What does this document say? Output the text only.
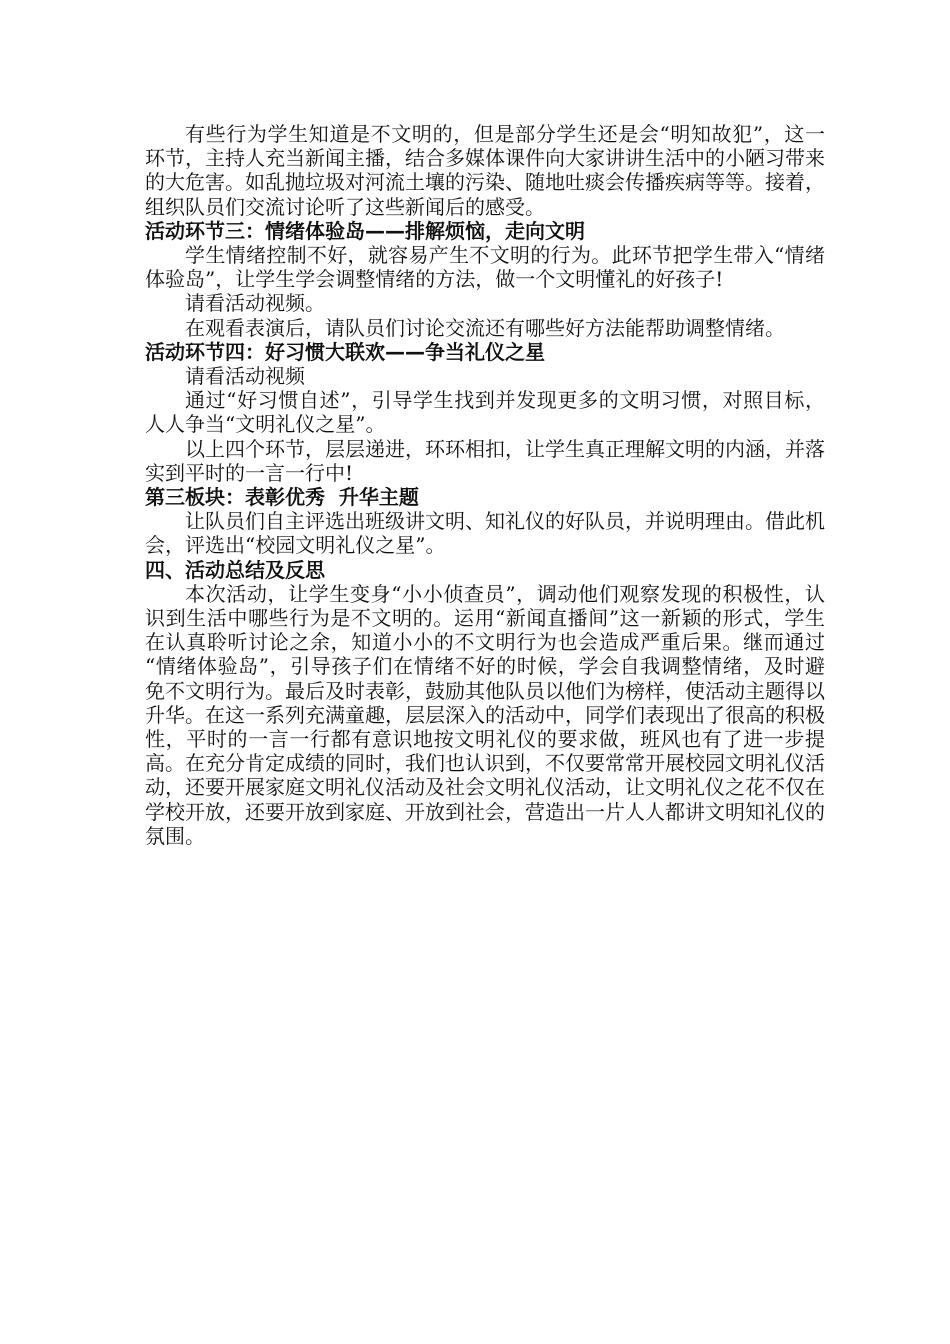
有些行为学生知道是不文明的，但是部分学生还是会“明知故犯”，这一环节，主持人充当新闻主播，结合多媒体课件向大家讲讲生活中的小陋习带来的大危害。如乱抛垃圾对河流土壤的污染、随地吐痰会传播疾病等等。接着，组织队员们交流讨论听了这些新闻后的感受。

活动环节三：情绪体验岛——排解烦恼，走向文明

学生情绪控制不好，就容易产生不文明的行为。此环节把学生带入“情绪体验岛”，让学生学会调整情绪的方法，做一个文明懂礼的好孩子!

请看活动视频。

在观看表演后，请队员们讨论交流还有哪些好方法能帮助调整情绪。

活动环节四：好习惯大联欢——争当礼仪之星

请看活动视频

通过“好习惯自述”，引导学生找到并发现更多的文明习惯，对照目标，人人争当“文明礼仪之星”。

以上四个环节，层层递进，环环相扣，让学生真正理解文明的内涵，并落实到平时的一言一行中!

第三板块：表彰优秀  升华主题

让队员们自主评选出班级讲文明、知礼仪的好队员，并说明理由。借此机会，评选出“校园文明礼仪之星”。

四、活动总结及反思

本次活动，让学生变身“小小侦查员”，调动他们观察发现的积极性，认识到生活中哪些行为是不文明的。运用“新闻直播间”这一新颖的形式，学生在认真聆听讨论之余，知道小小的不文明行为也会造成严重后果。继而通过 “情绪体验岛”，引导孩子们在情绪不好的时候，学会自我调整情绪，及时避免不文明行为。最后及时表彰，鼓励其他队员以他们为榜样，使活动主题得以升华。在这一系列充满童趣，层层深入的活动中，同学们表现出了很高的积极性，平时的一言一行都有意识地按文明礼仪的要求做，班风也有了进一步提高。在充分肯定成绩的同时，我们也认识到，不仅要常常开展校园文明礼仪活动，还要开展家庭文明礼仪活动及社会文明礼仪活动，让文明礼仪之花不仅在学校开放，还要开放到家庭、开放到社会，营造出一片人人都讲文明知礼仪的氛围。
